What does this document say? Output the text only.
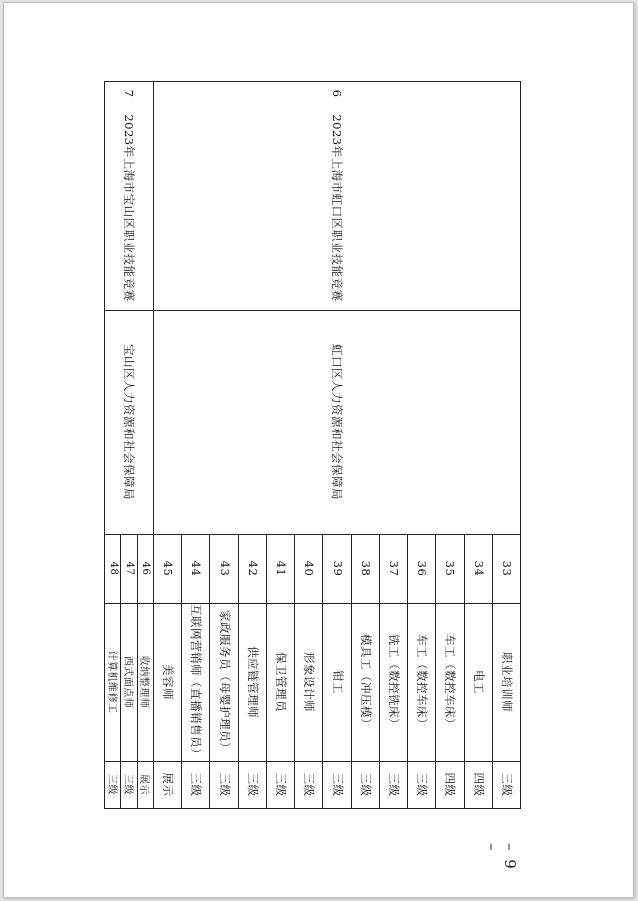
6
2023年上海市虹口区职业技能竞赛
虹口区人力资源和社会保障局
7
2023年上海市宝山区职业技能竞赛
宝山区人力资源和社会保障局
33
职业培训师
三级
34
电工
四级
35
车工（数控车床）
四级
36
车工（数控车床）
三级
37
铣工（数控铣床）
三级
38
模具工（冲压模）
三级
39
钳工
三级
40
形象设计师
三级
41
保卫管理员
三级
42
供应链管理师
三级
43
家政服务员（母婴护理员）
三级
44
互联网营销师（直播销售员）
三级
45
美容师
展示
46
收纳整理师
展示
47
西式面点师
三级
48
计算机维修工
三级
– 9 –
